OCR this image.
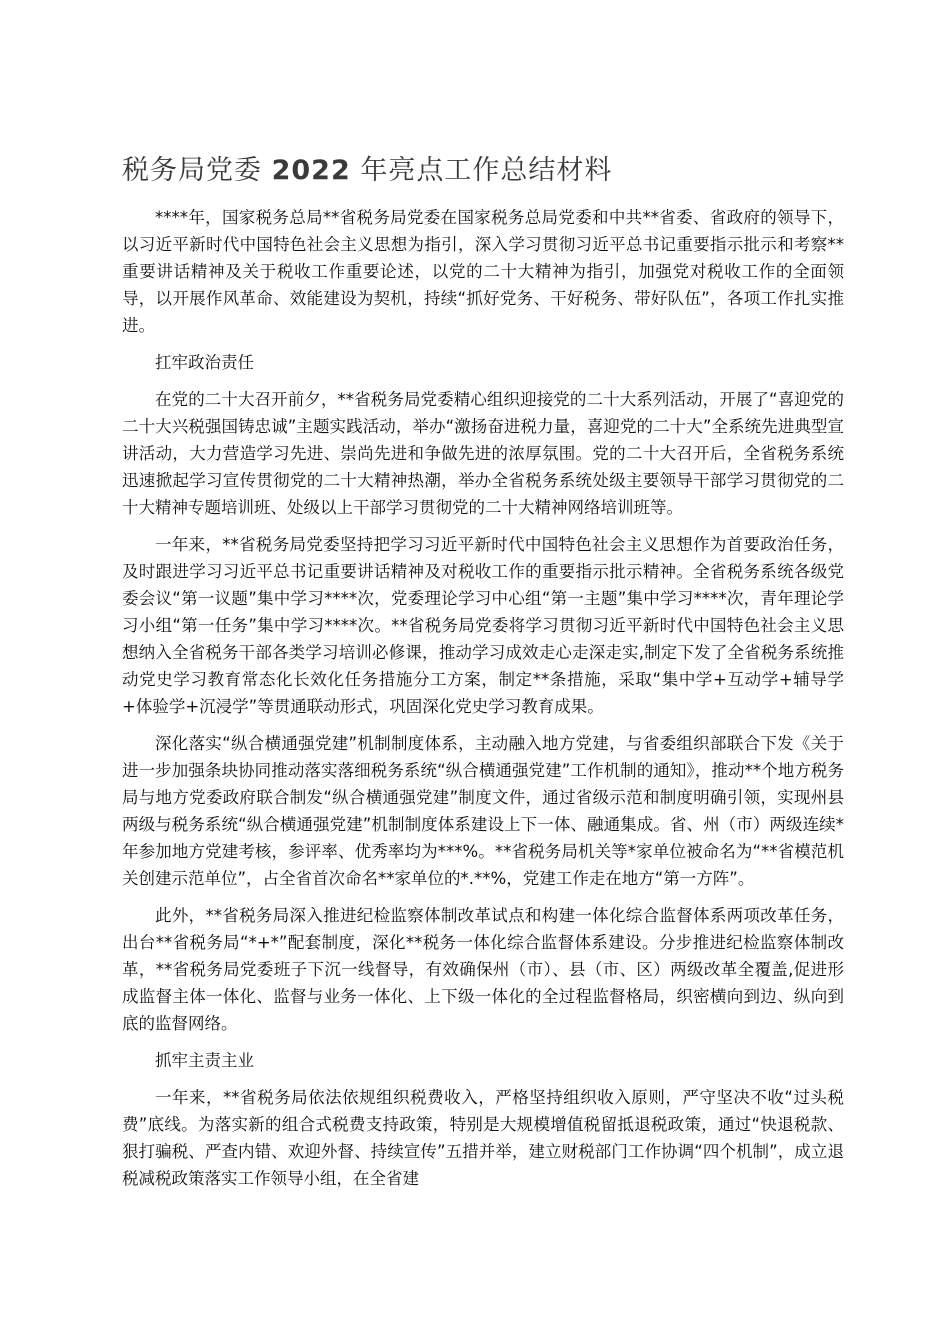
税务局党委 2022 年亮点工作总结材料

****年，国家税务总局**省税务局党委在国家税务总局党委和中共**省委、省政府的领导下，以习近平新时代中国特色社会主义思想为指引，深入学习贯彻习近平总书记重要指示批示和考察**重要讲话精神及关于税收工作重要论述，以党的二十大精神为指引，加强党对税收工作的全面领导，以开展作风革命、效能建设为契机，持续“抓好党务、干好税务、带好队伍”，各项工作扎实推进。

扛牢政治责任

在党的二十大召开前夕，**省税务局党委精心组织迎接党的二十大系列活动，开展了“喜迎党的二十大兴税强国铸忠诚”主题实践活动，举办“激扬奋进税力量，喜迎党的二十大”全系统先进典型宣讲活动，大力营造学习先进、崇尚先进和争做先进的浓厚氛围。党的二十大召开后，全省税务系统迅速掀起学习宣传贯彻党的二十大精神热潮，举办全省税务系统处级主要领导干部学习贯彻党的二十大精神专题培训班、处级以上干部学习贯彻党的二十大精神网络培训班等。

一年来，**省税务局党委坚持把学习习近平新时代中国特色社会主义思想作为首要政治任务，及时跟进学习习近平总书记重要讲话精神及对税收工作的重要指示批示精神。全省税务系统各级党委会议“第一议题”集中学习****次，党委理论学习中心组“第一主题”集中学习****次，青年理论学习小组“第一任务”集中学习****次。**省税务局党委将学习贯彻习近平新时代中国特色社会主义思想纳入全省税务干部各类学习培训必修课，推动学习成效走心走深走实,制定下发了全省税务系统推动党史学习教育常态化长效化任务措施分工方案，制定**条措施，采取“集中学+互动学+辅导学+体验学+沉浸学”等贯通联动形式，巩固深化党史学习教育成果。

深化落实“纵合横通强党建”机制制度体系，主动融入地方党建，与省委组织部联合下发《关于进一步加强条块协同推动落实落细税务系统“纵合横通强党建”工作机制的通知》，推动**个地方税务局与地方党委政府联合制发“纵合横通强党建”制度文件，通过省级示范和制度明确引领，实现州县两级与税务系统“纵合横通强党建”机制制度体系建设上下一体、融通集成。省、州（市）两级连续*年参加地方党建考核，参评率、优秀率均为***%。**省税务局机关等*家单位被命名为“**省模范机关创建示范单位”，占全省首次命名**家单位的*.**%，党建工作走在地方“第一方阵”。

此外，**省税务局深入推进纪检监察体制改革试点和构建一体化综合监督体系两项改革任务，出台**省税务局“*+*”配套制度，深化**税务一体化综合监督体系建设。分步推进纪检监察体制改革，**省税务局党委班子下沉一线督导，有效确保州（市）、县（市、区）两级改革全覆盖,促进形成监督主体一体化、监督与业务一体化、上下级一体化的全过程监督格局，织密横向到边、纵向到底的监督网络。

抓牢主责主业

一年来，**省税务局依法依规组织税费收入，严格坚持组织收入原则，严守坚决不收“过头税费”底线。为落实新的组合式税费支持政策，特别是大规模增值税留抵退税政策，通过“快退税款、狠打骗税、严查内错、欢迎外督、持续宣传”五措并举，建立财税部门工作协调“四个机制”，成立退税减税政策落实工作领导小组，在全省建
